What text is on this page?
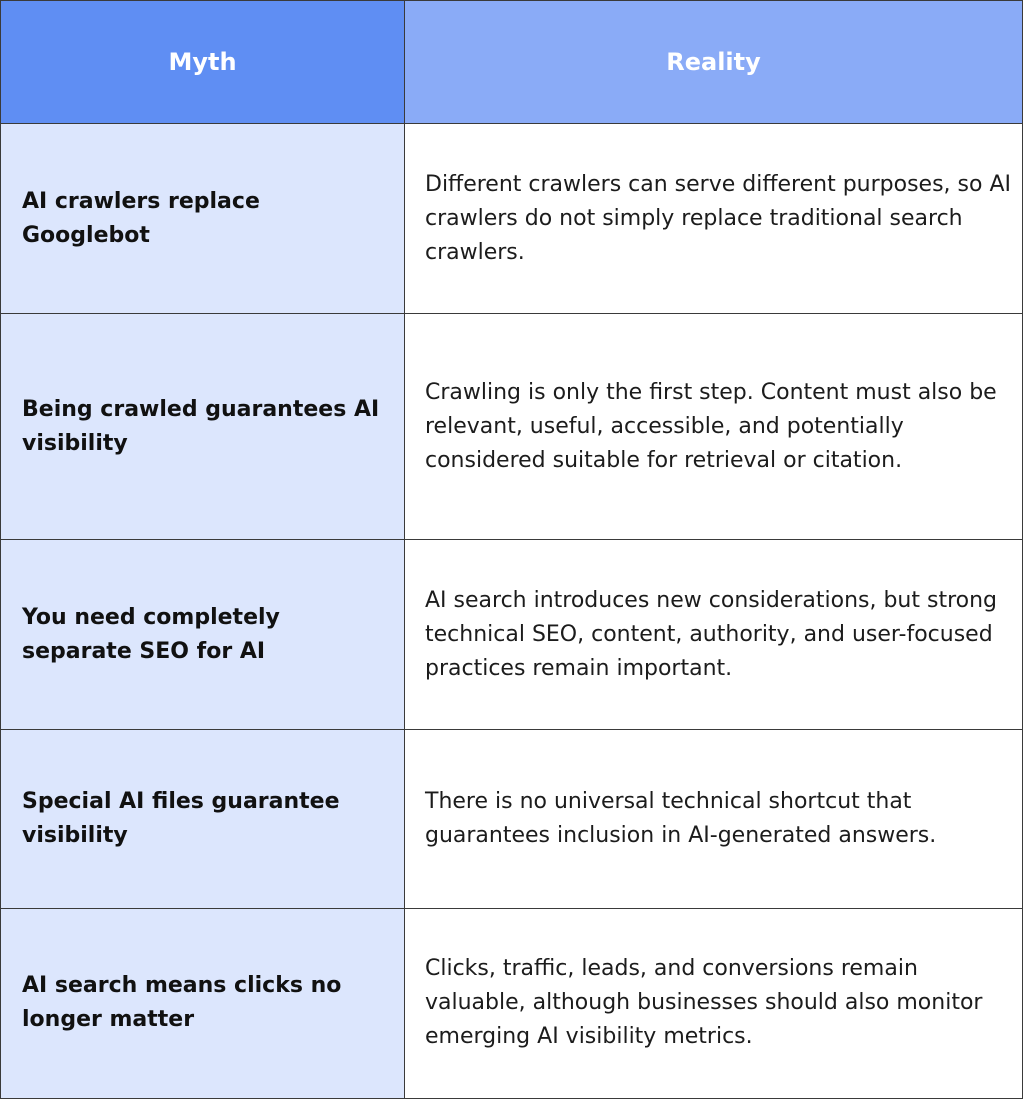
Myth	Reality
AI crawlers replace Googlebot	Different crawlers can serve different purposes, so AI crawlers do not simply replace traditional search crawlers.
Being crawled guarantees AI visibility	Crawling is only the first step. Content must also be relevant, useful, accessible, and potentially considered suitable for retrieval or citation.
You need completely separate SEO for AI	AI search introduces new considerations, but strong technical SEO, content, authority, and user-focused practices remain important.
Special AI files guarantee visibility	There is no universal technical shortcut that guarantees inclusion in AI-generated answers.
AI search means clicks no longer matter	Clicks, traffic, leads, and conversions remain valuable, although businesses should also monitor emerging AI visibility metrics.
